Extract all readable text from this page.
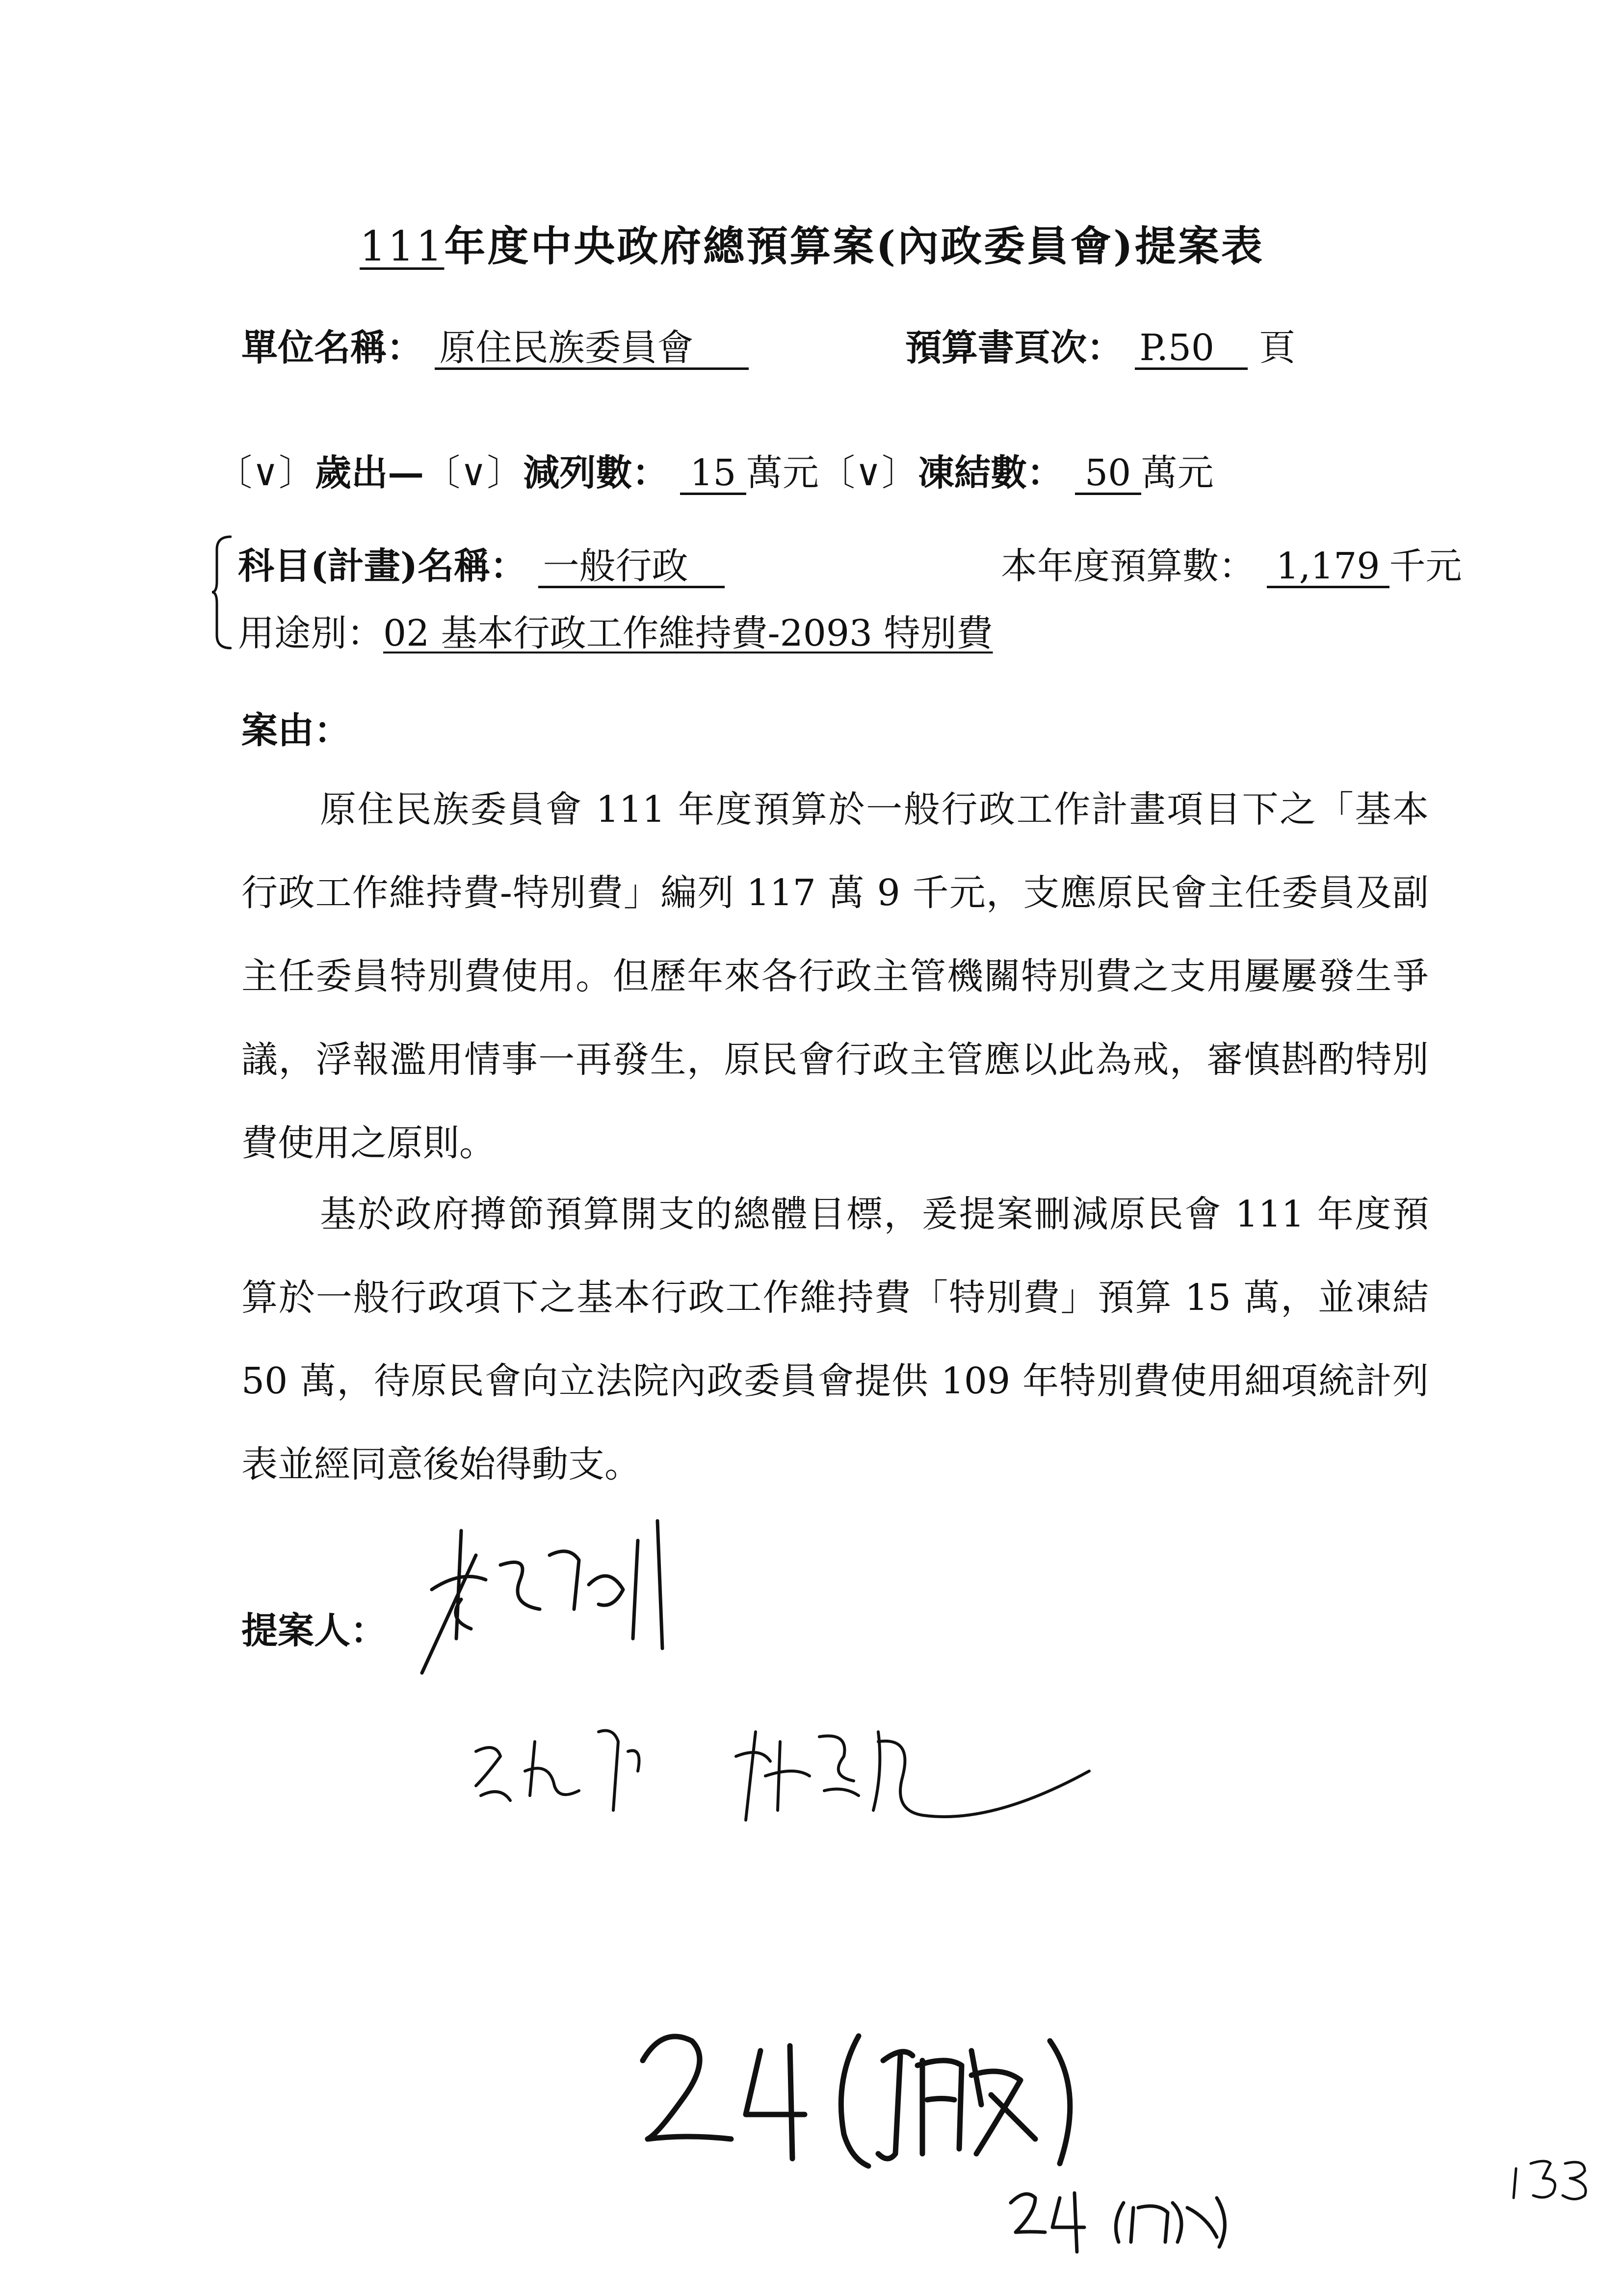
111年度中央政府總預算案(內政委員會)提案表
單位名稱： 原住民族委員會	預算書頁次： P.50 頁
〔∨〕歲出—〔∨〕減列數： 15 萬元〔∨〕凍結數： 50 萬元
科目(計畫)名稱： 一般行政	本年度預算數： 1,179 千元
用途別：02 基本行政工作維持費-2093 特別費
案由：

原住民族委員會 111 年度預算於一般行政工作計畫項目下之「基本行政工作維持費-特別費」編列 117 萬 9 千元，支應原民會主任委員及副主任委員特別費使用。但歷年來各行政主管機關特別費之支用屢屢發生爭議，浮報濫用情事一再發生，原民會行政主管應以此為戒，審慎斟酌特別費使用之原則。

基於政府撙節預算開支的總體目標，爰提案刪減原民會 111 年度預算於一般行政項下之基本行政工作維持費「特別費」預算 15 萬，並凍結 50 萬，待原民會向立法院內政委員會提供 109 年特別費使用細項統計列表並經同意後始得動支。

提案人：
